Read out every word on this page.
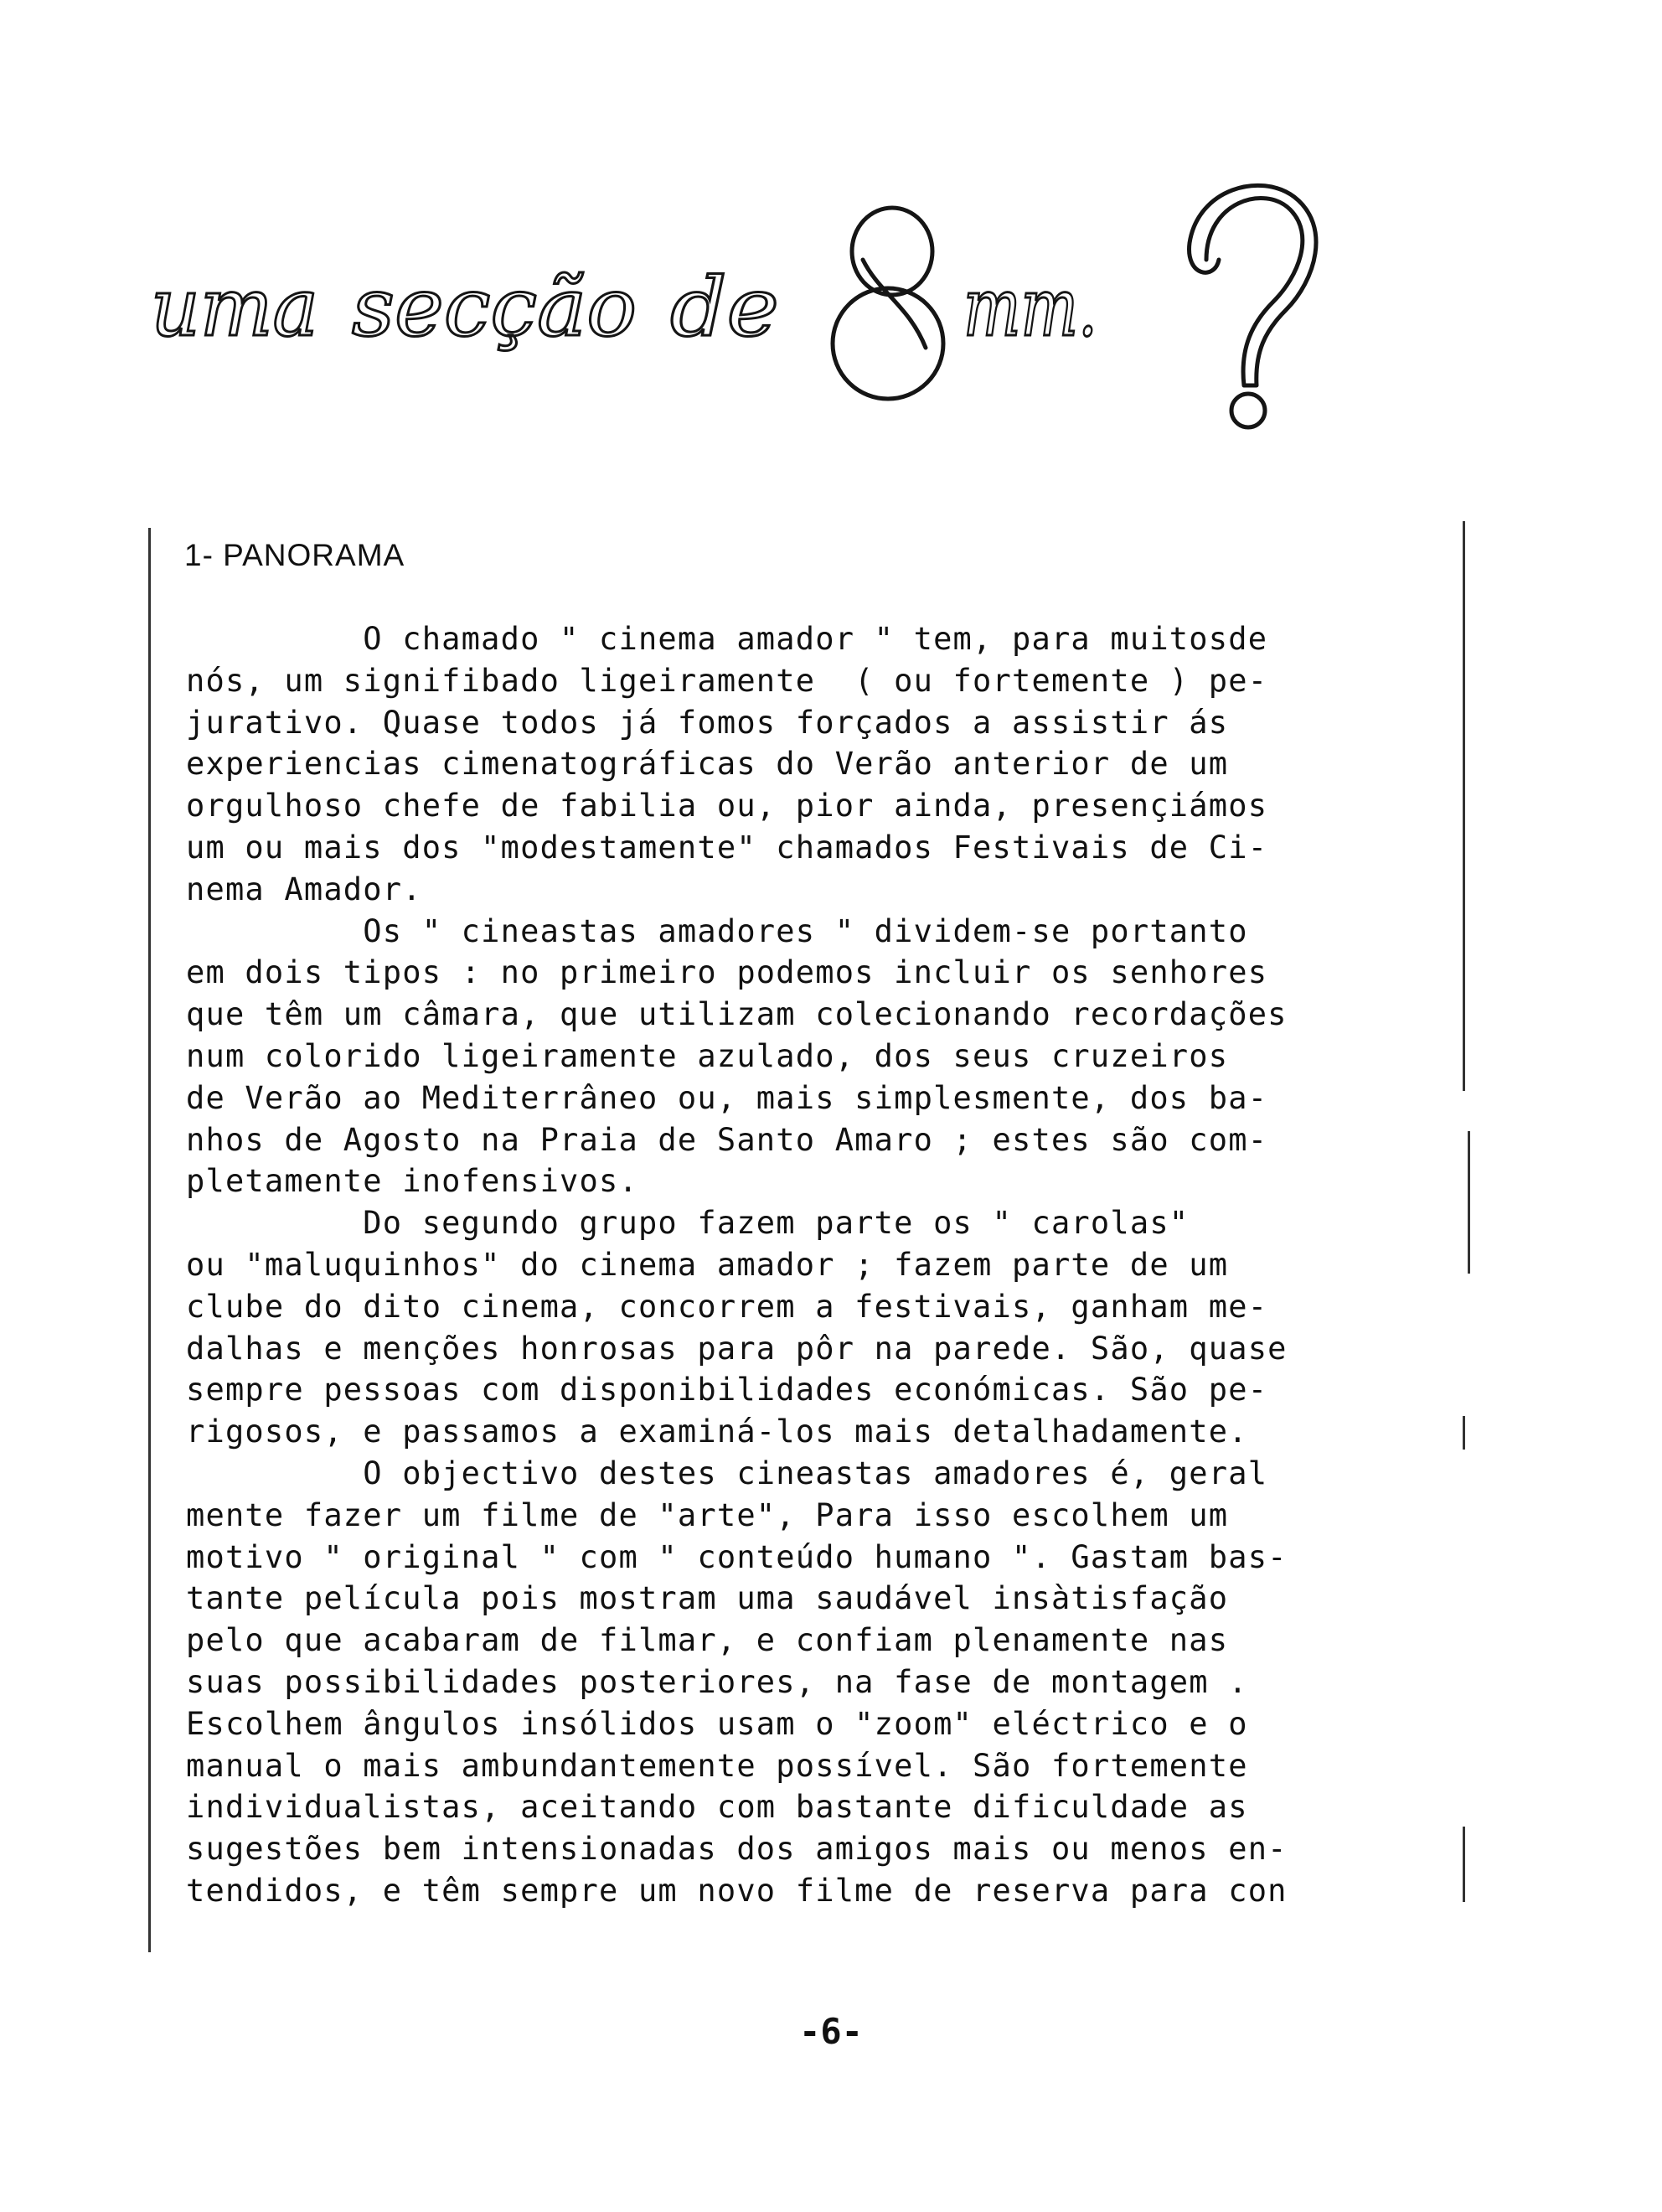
uma secção de mm.
1- PANORAMA
O chamado " cinema amador " tem, para muitosde
nós, um signifibado ligeiramente  ( ou fortemente ) pe-
jurativo. Quase todos já fomos forçados a assistir ás
experiencias cimenatográficas do Verão anterior de um
orgulhoso chefe de fabilia ou, pior ainda, presençiámos
um ou mais dos "modestamente" chamados Festivais de Ci-
nema Amador.
Os " cineastas amadores " dividem-se portanto
em dois tipos : no primeiro podemos incluir os senhores
que têm um câmara, que utilizam colecionando recordações
num colorido ligeiramente azulado, dos seus cruzeiros
de Verão ao Mediterrâneo ou, mais simplesmente, dos ba-
nhos de Agosto na Praia de Santo Amaro ; estes são com-
pletamente inofensivos.
Do segundo grupo fazem parte os " carolas"
ou "maluquinhos" do cinema amador ; fazem parte de um
clube do dito cinema, concorrem a festivais, ganham me-
dalhas e menções honrosas para pôr na parede. São, quase
sempre pessoas com disponibilidades económicas. São pe-
rigosos, e passamos a examiná-los mais detalhadamente.
O objectivo destes cineastas amadores é, geral
mente fazer um filme de "arte", Para isso escolhem um
motivo " original " com " conteúdo humano ". Gastam bas-
tante película pois mostram uma saudável insàtisfação
pelo que acabaram de filmar, e confiam plenamente nas
suas possibilidades posteriores, na fase de montagem .
Escolhem ângulos insólidos usam o "zoom" eléctrico e o
manual o mais ambundantemente possível. São fortemente
individualistas, aceitando com bastante dificuldade as
sugestões bem intensionadas dos amigos mais ou menos en-
tendidos, e têm sempre um novo filme de reserva para con
-6-
